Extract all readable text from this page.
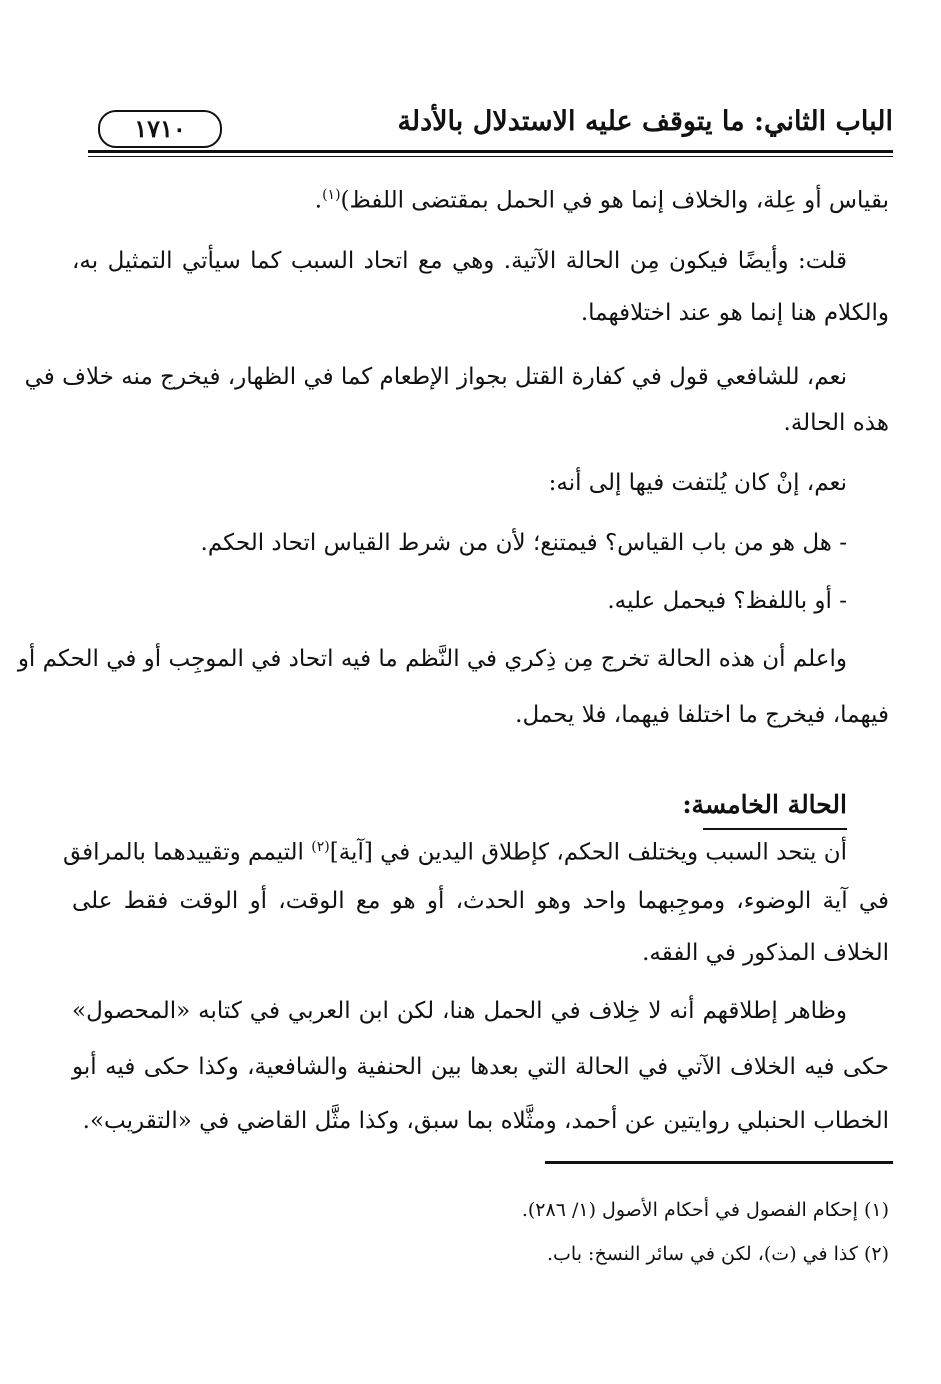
الباب الثاني: ما يتوقف عليه الاستدلال بالأدلة
١٧١٠
بقياس أو عِلة، والخلاف إنما هو في الحمل بمقتضى اللفظ)$^{(١)}$.
قلت: وأيضًا فيكون مِن الحالة الآتية. وهي مع اتحاد السبب كما سيأتي التمثيل به،
والكلام هنا إنما هو عند اختلافهما.
نعم، للشافعي قول في كفارة القتل بجواز الإطعام كما في الظهار، فيخرج منه خلاف في
هذه الحالة.
نعم، إنْ كان يُلتفت فيها إلى أنه:
- هل هو من باب القياس؟ فيمتنع؛ لأن من شرط القياس اتحاد الحكم.
- أو باللفظ؟ فيحمل عليه.
واعلم أن هذه الحالة تخرج مِن ذِكري في النَّظم ما فيه اتحاد في الموجِب أو في الحكم أو
فيهما، فيخرج ما اختلفا فيهما، فلا يحمل.
الحالة الخامسة:
أن يتحد السبب ويختلف الحكم، كإطلاق اليدين في [آية]$^{(٢)}$ التيمم وتقييدهما بالمرافق
في آية الوضوء، وموجِبهما واحد وهو الحدث، أو هو مع الوقت، أو الوقت فقط على
الخلاف المذكور في الفقه.
وظاهر إطلاقهم أنه لا خِلاف في الحمل هنا، لكن ابن العربي في كتابه «المحصول»
حكى فيه الخلاف الآتي في الحالة التي بعدها بين الحنفية والشافعية، وكذا حكى فيه أبو
الخطاب الحنبلي روايتين عن أحمد، ومثَّلاه بما سبق، وكذا مثَّل القاضي في «التقريب».
(١) إحكام الفصول في أحكام الأصول (١/ ٢٨٦).
(٢) كذا في (ت)، لكن في سائر النسخ: باب.
